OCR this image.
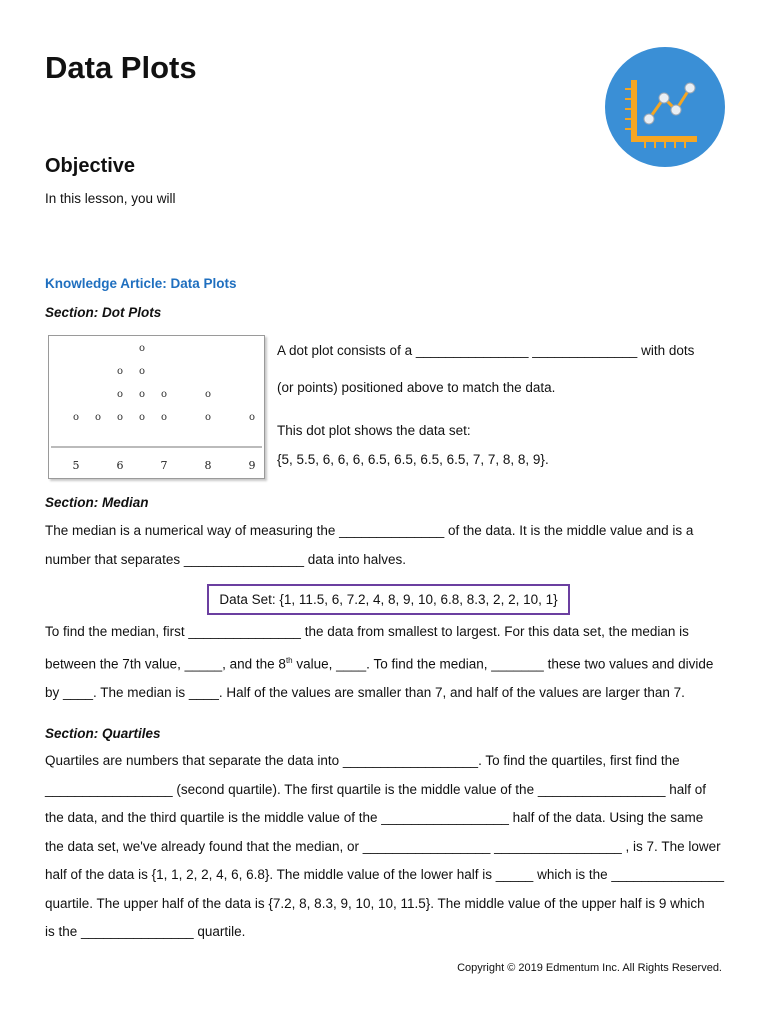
Data Plots
Objective
In this lesson, you will
Knowledge Article: Data Plots
Section: Dot Plots
o o o
o
o
o
o
o
o
o
o
o
o
o
5	6	7	8	9
A dot plot consists of a _______________ ______________ with dots
(or points) positioned above to match the data.
This dot plot shows the data set:
{5, 5.5, 6, 6, 6, 6.5, 6.5, 6.5, 6.5, 7, 7, 8, 8, 9}.
Section: Median
The median is a numerical way of measuring the ______________ of the data. It is the middle value and is a
number that separates ________________ data into halves.
Data Set: {1, 11.5, 6, 7.2, 4, 8, 9, 10, 6.8, 8.3, 2, 2, 10, 1}
To find the median, first _______________ the data from smallest to largest. For this data set, the median is
between the 7th value, _____, and the 8th value, ____. To find the median, _______ these two values and divide
by ____. The median is ____. Half of the values are smaller than 7, and half of the values are larger than 7.
Section: Quartiles
Quartiles are numbers that separate the data into __________________. To find the quartiles, first find the
_________________ (second quartile). The first quartile is the middle value of the _________________ half of
the data, and the third quartile is the middle value of the _________________ half of the data. Using the same
the data set, we've already found that the median, or _________________ _________________ , is 7. The lower
half of the data is {1, 1, 2, 2, 4, 6, 6.8}. The middle value of the lower half is _____ which is the _______________
quartile. The upper half of the data is {7.2, 8, 8.3, 9, 10, 10, 11.5}. The middle value of the upper half is 9 which
is the _______________ quartile.
Copyright © 2019 Edmentum Inc. All Rights Reserved.
